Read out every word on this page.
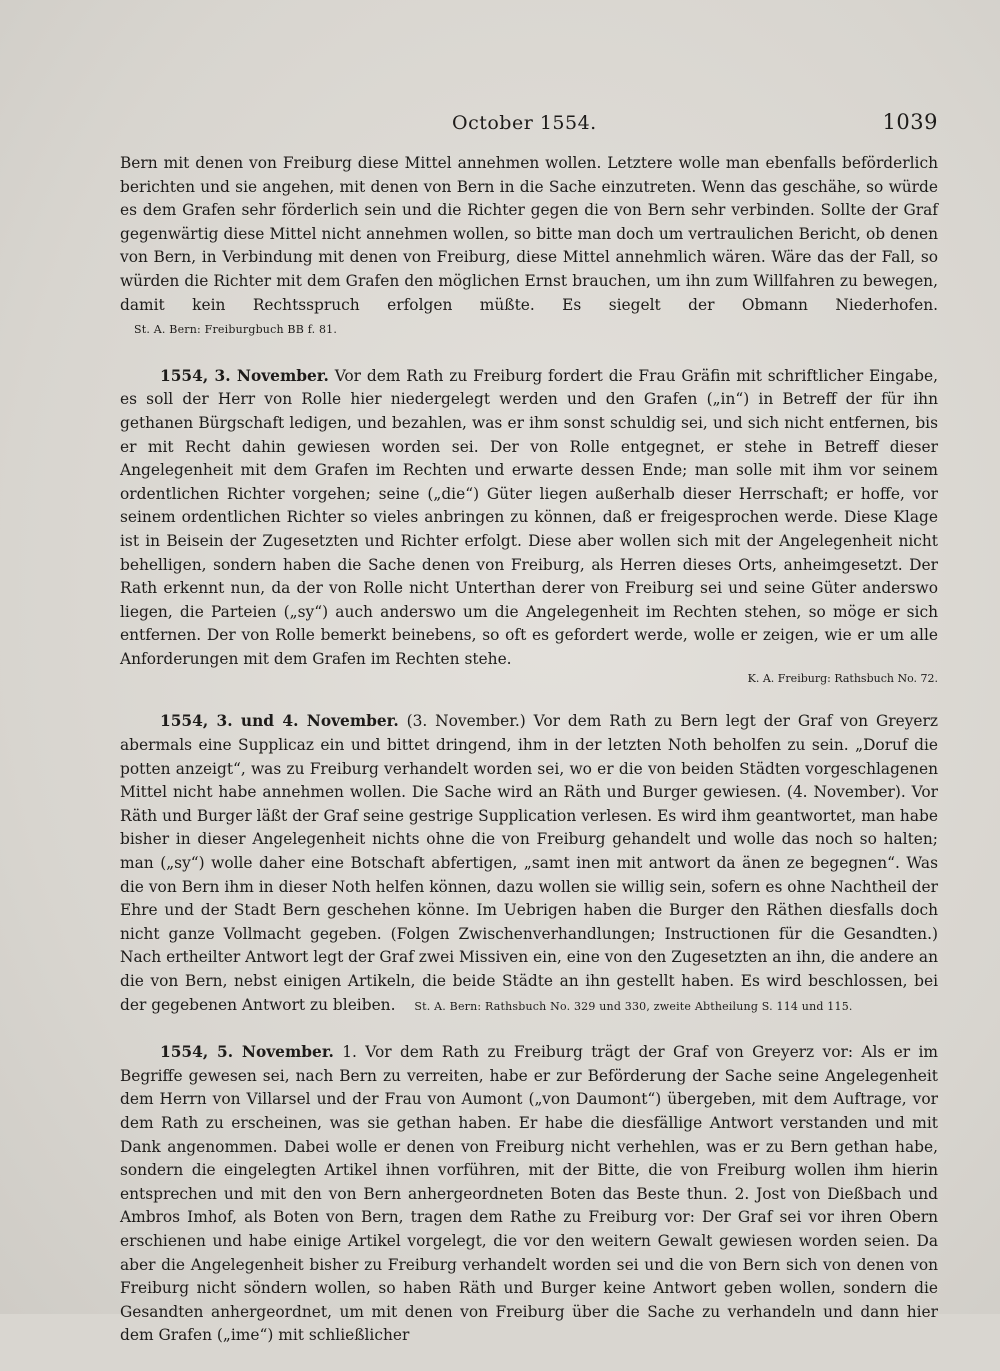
October 1554.	1039

Bern mit denen von Freiburg diese Mittel annehmen wollen. Letztere wolle man ebenfalls beförderlich berichten und sie angehen, mit denen von Bern in die Sache einzutreten. Wenn das geschähe, so würde es dem Grafen sehr förderlich sein und die Richter gegen die von Bern sehr verbinden. Sollte der Graf gegenwärtig diese Mittel nicht annehmen wollen, so bitte man doch um vertraulichen Bericht, ob denen von Bern, in Verbindung mit denen von Freiburg, diese Mittel annehmlich wären. Wäre das der Fall, so würden die Richter mit dem Grafen den möglichen Ernst brauchen, um ihn zum Willfahren zu bewegen, damit kein Rechtsspruch erfolgen müßte. Es siegelt der Obmann Niederhofen. St. A. Bern: Freiburgbuch BB f. 81.

1554, 3. November. Vor dem Rath zu Freiburg fordert die Frau Gräfin mit schriftlicher Eingabe, es soll der Herr von Rolle hier niedergelegt werden und den Grafen („in“) in Betreff der für ihn gethanen Bürgschaft ledigen, und bezahlen, was er ihm sonst schuldig sei, und sich nicht entfernen, bis er mit Recht dahin gewiesen worden sei. Der von Rolle entgegnet, er stehe in Betreff dieser Angelegenheit mit dem Grafen im Rechten und erwarte dessen Ende; man solle mit ihm vor seinem ordentlichen Richter vorgehen; seine („die“) Güter liegen außerhalb dieser Herrschaft; er hoffe, vor seinem ordentlichen Richter so vieles anbringen zu können, daß er freigesprochen werde. Diese Klage ist in Beisein der Zugesetzten und Richter erfolgt. Diese aber wollen sich mit der Angelegenheit nicht behelligen, sondern haben die Sache denen von Freiburg, als Herren dieses Orts, anheimgesetzt. Der Rath erkennt nun, da der von Rolle nicht Unterthan derer von Freiburg sei und seine Güter anderswo liegen, die Parteien („sy“) auch anderswo um die Angelegenheit im Rechten stehen, so möge er sich entfernen. Der von Rolle bemerkt beinebens, so oft es gefordert werde, wolle er zeigen, wie er um alle Anforderungen mit dem Grafen im Rechten stehe.

K. A. Freiburg: Rathsbuch No. 72.

1554, 3. und 4. November. (3. November.) Vor dem Rath zu Bern legt der Graf von Greyerz abermals eine Supplicaz ein und bittet dringend, ihm in der letzten Noth beholfen zu sein. „Doruf die potten anzeigt“, was zu Freiburg verhandelt worden sei, wo er die von beiden Städten vorgeschlagenen Mittel nicht habe annehmen wollen. Die Sache wird an Räth und Burger gewiesen. (4. November). Vor Räth und Burger läßt der Graf seine gestrige Supplication verlesen. Es wird ihm geantwortet, man habe bisher in dieser Angelegenheit nichts ohne die von Freiburg gehandelt und wolle das noch so halten; man („sy“) wolle daher eine Botschaft abfertigen, „samt inen mit antwort da änen ze begegnen“. Was die von Bern ihm in dieser Noth helfen können, dazu wollen sie willig sein, sofern es ohne Nachtheil der Ehre und der Stadt Bern geschehen könne. Im Uebrigen haben die Burger den Räthen diesfalls doch nicht ganze Vollmacht gegeben. (Folgen Zwischenverhandlungen; Instructionen für die Gesandten.) Nach ertheilter Antwort legt der Graf zwei Missiven ein, eine von den Zugesetzten an ihn, die andere an die von Bern, nebst einigen Artikeln, die beide Städte an ihn gestellt haben. Es wird beschlossen, bei der gegebenen Antwort zu bleiben. St. A. Bern: Rathsbuch No. 329 und 330, zweite Abtheilung S. 114 und 115.

1554, 5. November. 1. Vor dem Rath zu Freiburg trägt der Graf von Greyerz vor: Als er im Begriffe gewesen sei, nach Bern zu verreiten, habe er zur Beförderung der Sache seine Angelegenheit dem Herrn von Villarsel und der Frau von Aumont („von Daumont“) übergeben, mit dem Auftrage, vor dem Rath zu erscheinen, was sie gethan haben. Er habe die diesfällige Antwort verstanden und mit Dank angenommen. Dabei wolle er denen von Freiburg nicht verhehlen, was er zu Bern gethan habe, sondern die eingelegten Artikel ihnen vorführen, mit der Bitte, die von Freiburg wollen ihm hierin entsprechen und mit den von Bern anhergeordneten Boten das Beste thun. 2. Jost von Dießbach und Ambros Imhof, als Boten von Bern, tragen dem Rathe zu Freiburg vor: Der Graf sei vor ihren Obern erschienen und habe einige Artikel vorgelegt, die vor den weitern Gewalt gewiesen worden seien. Da aber die Angelegenheit bisher zu Freiburg verhandelt worden sei und die von Bern sich von denen von Freiburg nicht söndern wollen, so haben Räth und Burger keine Antwort geben wollen, sondern die Gesandten anhergeordnet, um mit denen von Freiburg über die Sache zu verhandeln und dann hier dem Grafen („ime“) mit schließlicher
